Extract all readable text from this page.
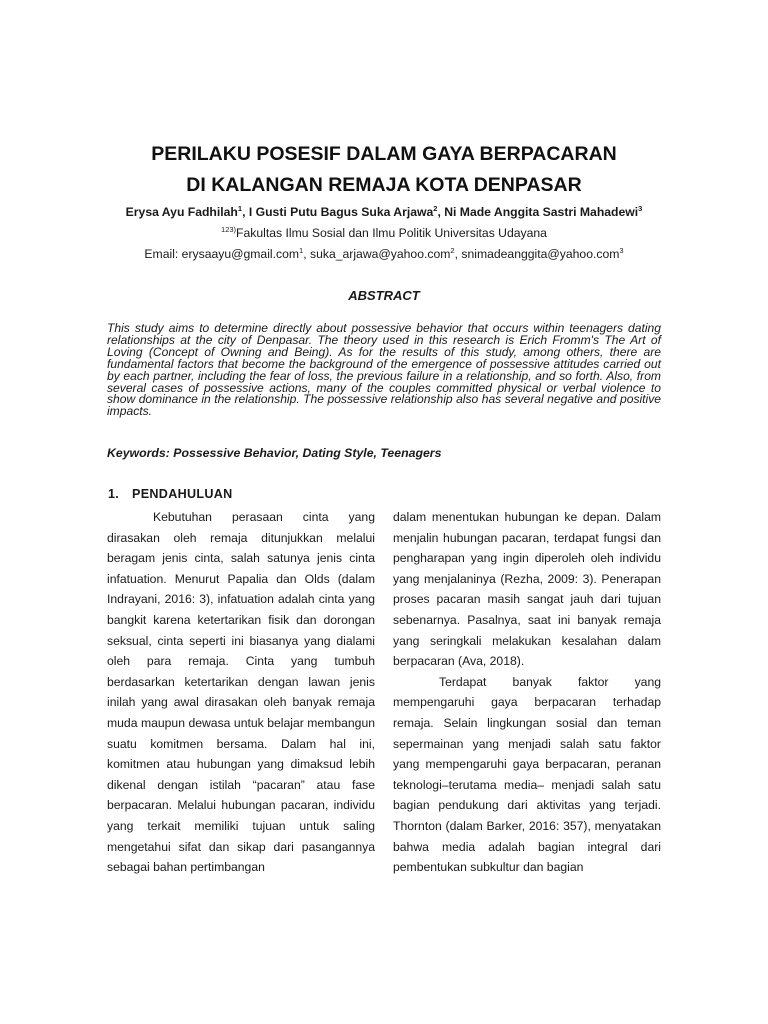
PERILAKU POSESIF DALAM GAYA BERPACARAN
DI KALANGAN REMAJA KOTA DENPASAR
Erysa Ayu Fadhilah$^1$, I Gusti Putu Bagus Suka Arjawa$^2$, Ni Made Anggita Sastri Mahadewi$^3$
$^{123)}$Fakultas Ilmu Sosial dan Ilmu Politik Universitas Udayana
Email: erysaayu@gmail.com$^1$, suka_arjawa@yahoo.com$^2$, snimadeanggita@yahoo.com$^3$
ABSTRACT

This study aims to determine directly about possessive behavior that occurs within teenagers dating relationships at the city of Denpasar. The theory used in this research is Erich Fromm's The Art of Loving (Concept of Owning and Being). As for the results of this study, among others, there are fundamental factors that become the background of the emergence of possessive attitudes carried out by each partner, including the fear of loss, the previous failure in a relationship, and so forth. Also, from several cases of possessive actions, many of the couples committed physical or verbal violence to show dominance in the relationship. The possessive relationship also has several negative and positive impacts.

Keywords: Possessive Behavior, Dating Style, Teenagers
1. PENDAHULUAN

Kebutuhan perasaan cinta yang dirasakan oleh remaja ditunjukkan melalui beragam jenis cinta, salah satunya jenis cinta infatuation. Menurut Papalia dan Olds (dalam Indrayani, 2016: 3), infatuation adalah cinta yang bangkit karena ketertarikan fisik dan dorongan seksual, cinta seperti ini biasanya yang dialami oleh para remaja. Cinta yang tumbuh berdasarkan ketertarikan dengan lawan jenis inilah yang awal dirasakan oleh banyak remaja muda maupun dewasa untuk belajar membangun suatu komitmen bersama. Dalam hal ini, komitmen atau hubungan yang dimaksud lebih dikenal dengan istilah “pacaran” atau fase berpacaran. Melalui hubungan pacaran, individu yang terkait memiliki tujuan untuk saling mengetahui sifat dan sikap dari pasangannya sebagai bahan pertimbangan

dalam menentukan hubungan ke depan. Dalam menjalin hubungan pacaran, terdapat fungsi dan pengharapan yang ingin diperoleh oleh individu yang menjalaninya (Rezha, 2009: 3). Penerapan proses pacaran masih sangat jauh dari tujuan sebenarnya. Pasalnya, saat ini banyak remaja yang seringkali melakukan kesalahan dalam berpacaran (Ava, 2018).

Terdapat banyak faktor yang mempengaruhi gaya berpacaran terhadap remaja. Selain lingkungan sosial dan teman sepermainan yang menjadi salah satu faktor yang mempengaruhi gaya berpacaran, peranan teknologi–terutama media– menjadi salah satu bagian pendukung dari aktivitas yang terjadi. Thornton (dalam Barker, 2016: 357), menyatakan bahwa media adalah bagian integral dari pembentukan subkultur dan bagian
